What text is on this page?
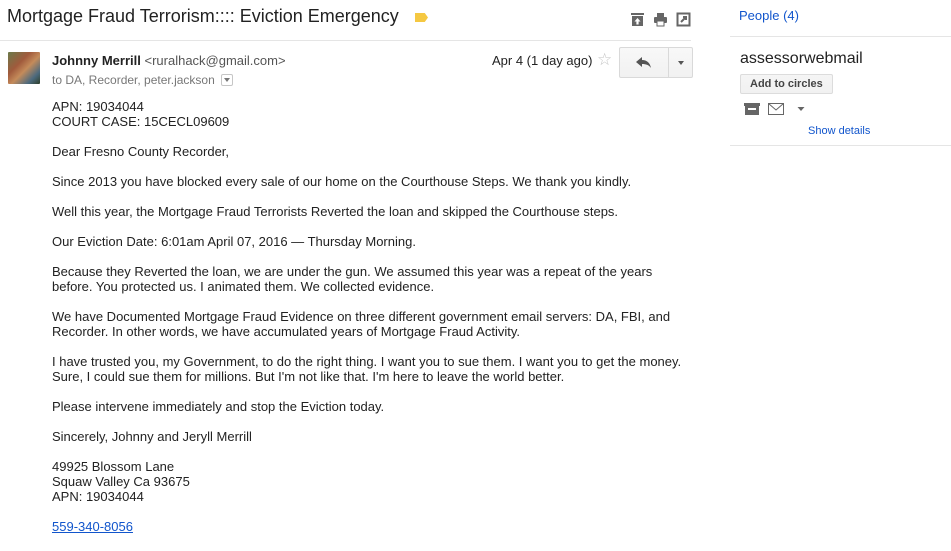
Mortgage Fraud Terrorism:::: Eviction Emergency
Johnny Merrill <ruralhack@gmail.com>
to DA, Recorder, peter.jackson
Apr 4 (1 day ago) ☆

APN: 19034044
COURT CASE: 15CECL09609

Dear Fresno County Recorder,

Since 2013 you have blocked every sale of our home on the Courthouse Steps. We thank you kindly.

Well this year, the Mortgage Fraud Terrorists Reverted the loan and skipped the Courthouse steps.

Our Eviction Date: 6:01am April 07, 2016 — Thursday Morning.

Because they Reverted the loan, we are under the gun. We assumed this year was a repeat of the years before. You protected us. I animated them. We collected evidence.

We have Documented Mortgage Fraud Evidence on three different government email servers: DA, FBI, and Recorder. In other words, we have accumulated years of Mortgage Fraud Activity.

I have trusted you, my Government, to do the right thing. I want you to sue them. I want you to get the money. Sure, I could sue them for millions. But I'm not like that. I'm here to leave the world better.

Please intervene immediately and stop the Eviction today.

Sincerely, Johnny and Jeryll Merrill

49925 Blossom Lane
Squaw Valley Ca 93675
APN: 19034044

559-340-8056

People (4)
assessorwebmail
Add to circles
Show details
